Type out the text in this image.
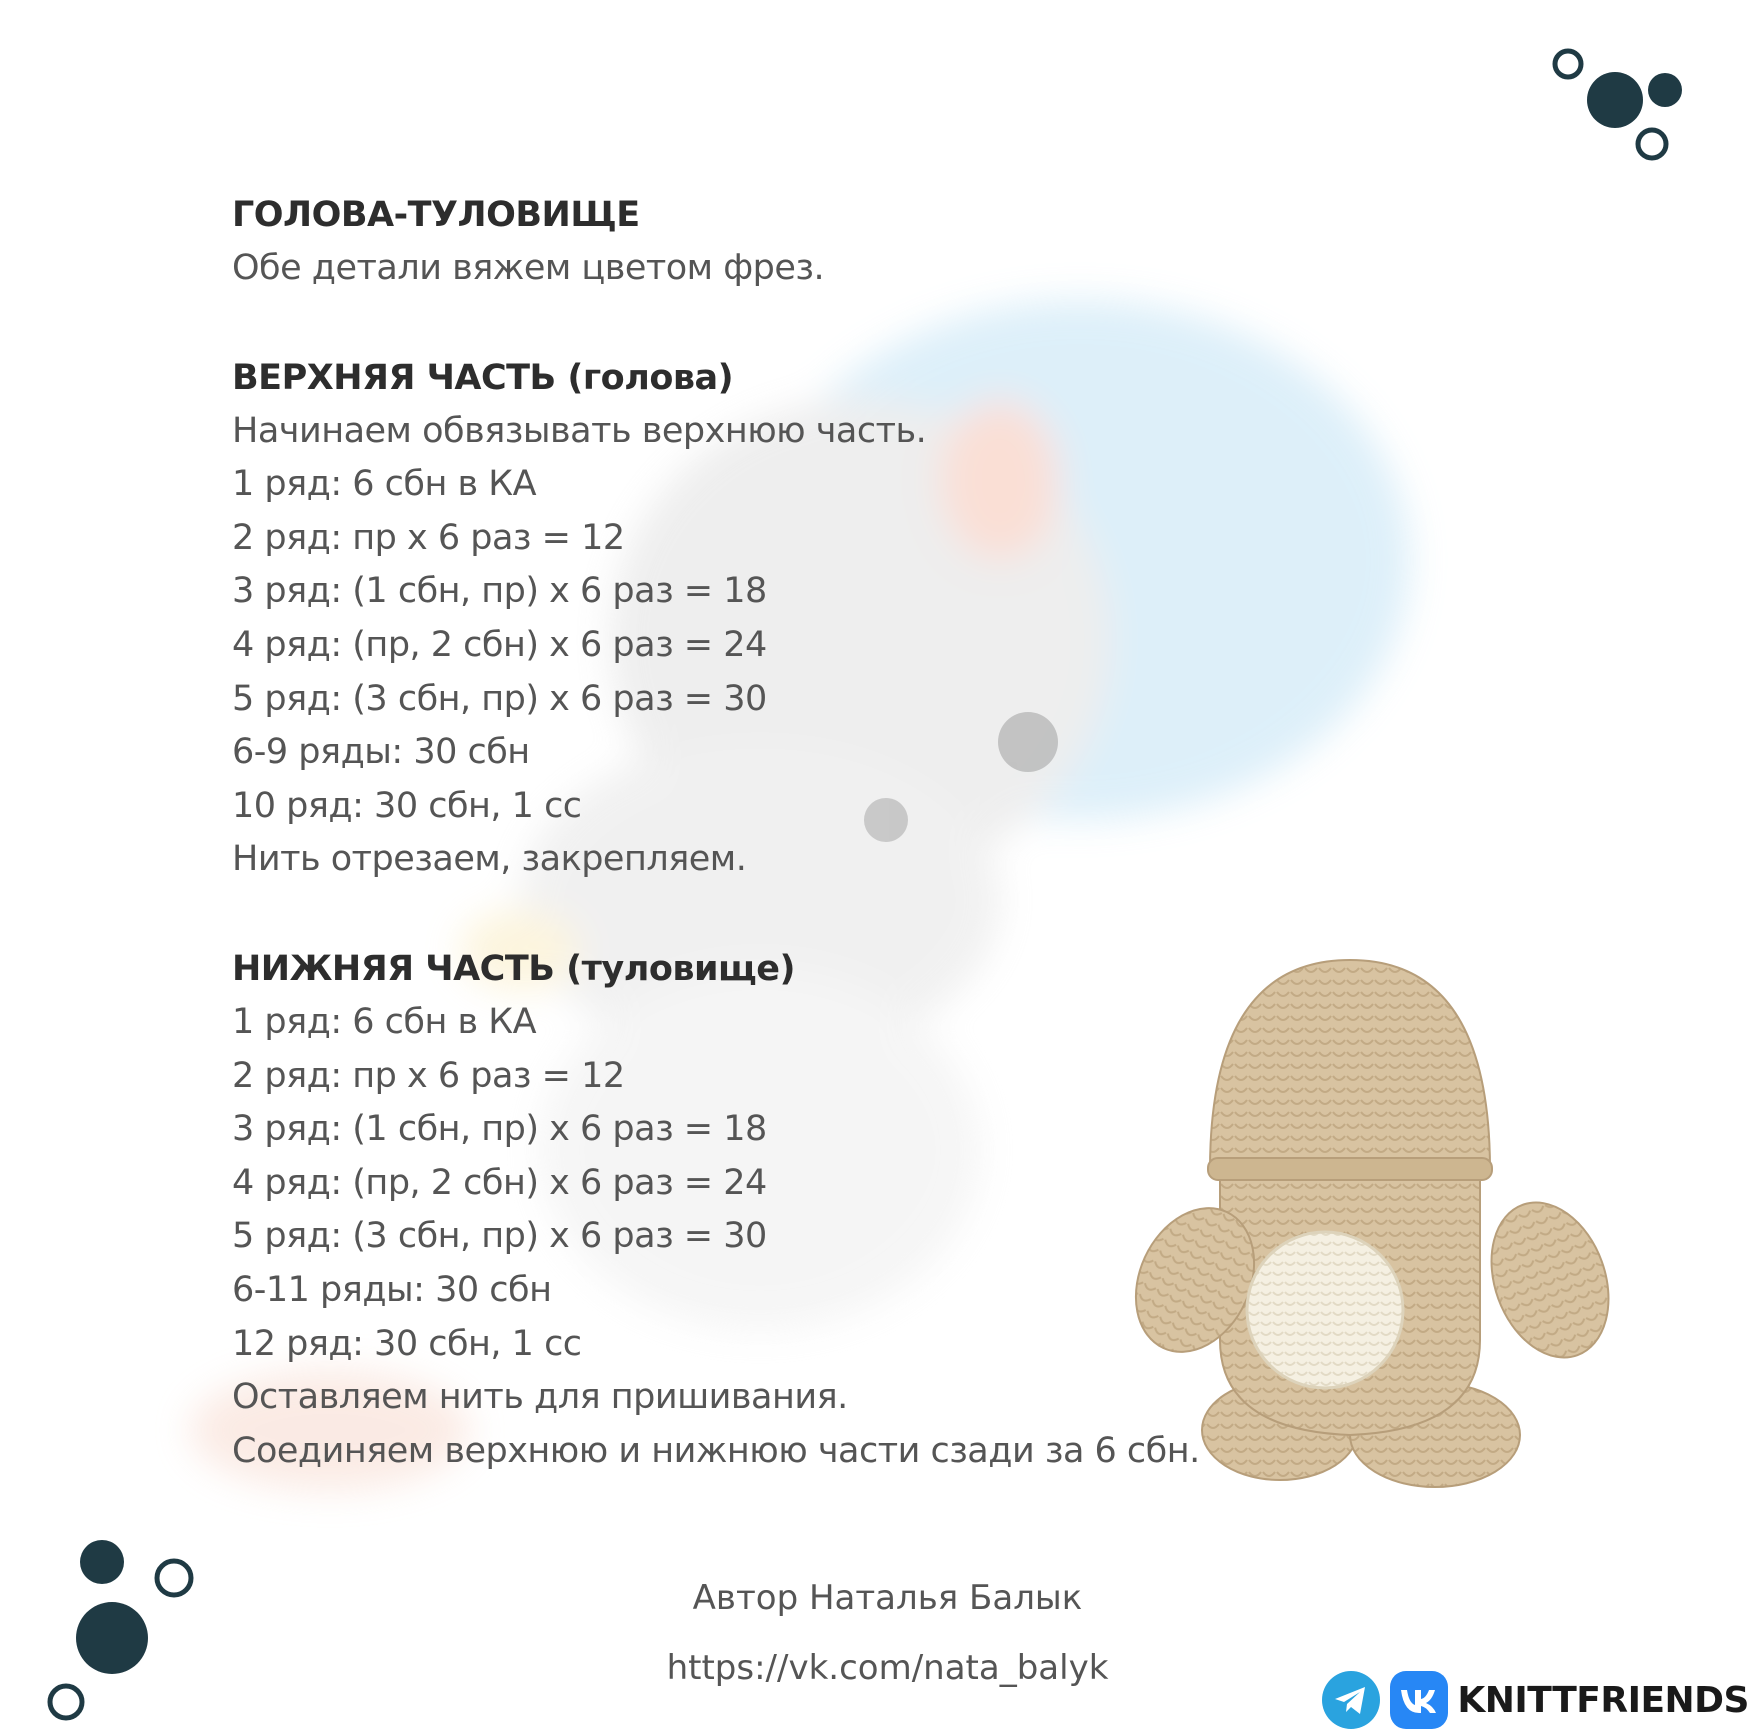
ГОЛОВА-ТУЛОВИЩЕ

Обе детали вяжем цветом фрез.

ВЕРХНЯЯ ЧАСТЬ (голова)

Начинаем обвязывать верхнюю часть.

1 ряд: 6 сбн в КА

2 ряд: пр х 6 раз = 12

3 ряд: (1 сбн, пр) х 6 раз = 18

4 ряд: (пр, 2 сбн) х 6 раз = 24

5 ряд: (3 сбн, пр) х 6 раз = 30

6-9 ряды: 30 сбн

10 ряд: 30 сбн, 1 сс

Нить отрезаем, закрепляем.

НИЖНЯЯ ЧАСТЬ (туловище)

1 ряд: 6 сбн в КА

2 ряд: пр х 6 раз = 12

3 ряд: (1 сбн, пр) х 6 раз = 18

4 ряд: (пр, 2 сбн) х 6 раз = 24

5 ряд: (3 сбн, пр) х 6 раз = 30

6-11 ряды: 30 сбн

12 ряд: 30 сбн, 1 сс

Оставляем нить для пришивания.

Соединяем верхнюю и нижнюю части сзади за 6 сбн.

Автор Наталья Балык
https://vk.com/nata_balyk
KNITTFRIENDS
